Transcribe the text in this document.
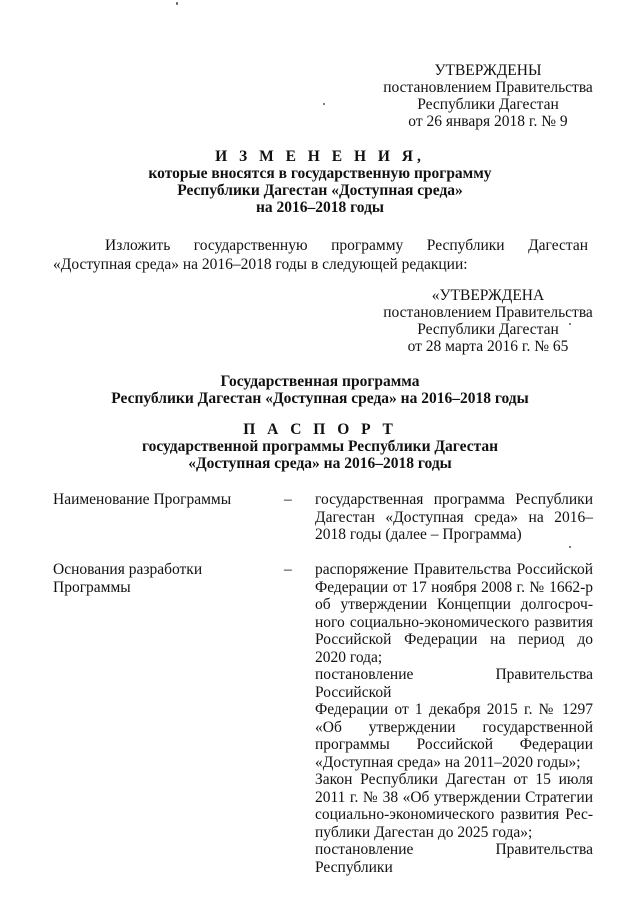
УТВЕРЖДЕНЫ
постановлением Правительства
Республики Дагестан
от 26 января 2018 г. № 9
И З М Е Н Е Н И Я,
которые вносятся в государственную программу
Республики Дагестан «Доступная среда»
на 2016–2018 годы
Изложить государственную программу Республики Дагестан «Доступная среда» на 2016–2018 годы в следующей редакции:
«УТВЕРЖДЕНА
постановлением Правительства
Республики Дагестан
от 28 марта 2016 г. № 65
Государственная программа
Республики Дагестан «Доступная среда» на 2016–2018 годы
П А С П О Р Т
государственной программы Республики Дагестан
«Доступная среда» на 2016–2018 годы
Наименование Программы	– государственная программа Республики
Дагестан «Доступная среда» на 2016–
2018 годы (далее – Программа)
Основания разработки
Программы
– распоряжение Правительства Российской
Федерации от 17 ноября 2008 г. № 1662-р
об утверждении Концепции долгосроч-
ного социально-экономического развития
Российской Федерации на период до
2020 года;
постановление Правительства Российской
Федерации от 1 декабря 2015 г. № 1297
«Об утверждении государственной
программы Российской Федерации
«Доступная среда» на 2011–2020 годы»;
Закон Республики Дагестан от 15 июля
2011 г. № 38 «Об утверждении Стратегии
социально-экономического развития Рес-
публики Дагестан до 2025 года»;
постановление Правительства Республики
